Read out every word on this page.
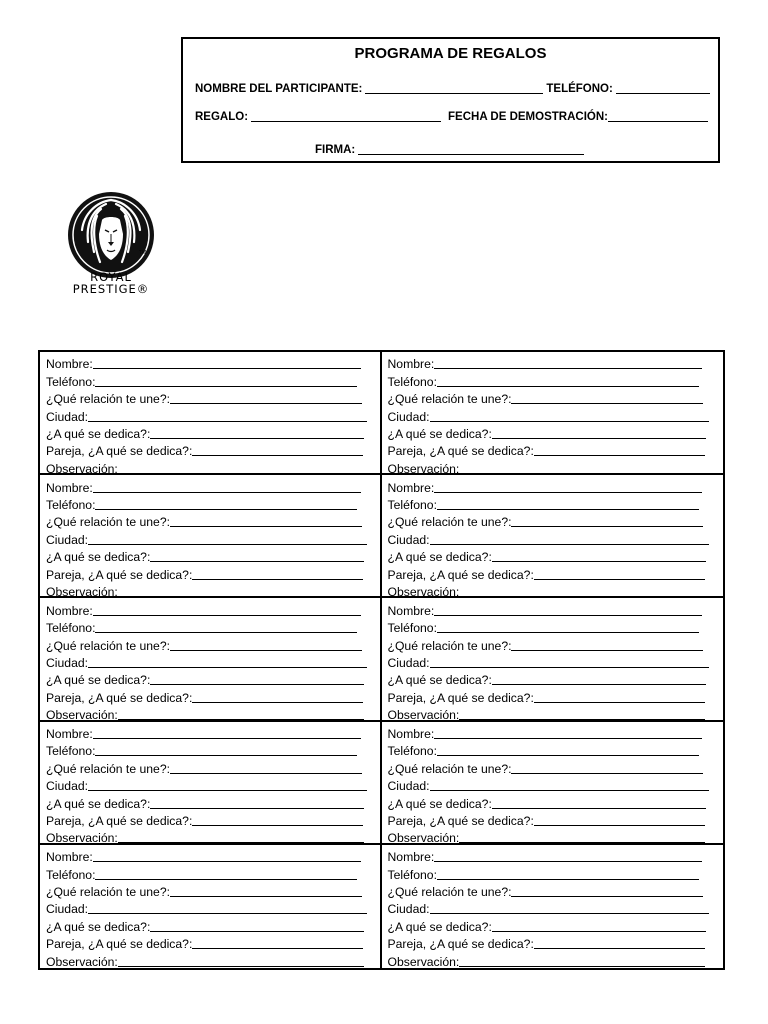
PROGRAMA DE REGALOS
NOMBRE DEL PARTICIPANTE:	TELÉFONO:
REGALO:	FECHA DE DEMOSTRACIÓN:
FIRMA:
TM
ROYAL
PRESTIGE®
Nombre:
Teléfono:
¿Qué relación te une?:
Ciudad:
¿A qué se dedica?:
Pareja, ¿A qué se dedica?:
Observación:
Nombre:
Teléfono:
¿Qué relación te une?:
Ciudad:
¿A qué se dedica?:
Pareja, ¿A qué se dedica?:
Observación:
Nombre:
Teléfono:
¿Qué relación te une?:
Ciudad:
¿A qué se dedica?:
Pareja, ¿A qué se dedica?:
Observación:
Nombre:
Teléfono:
¿Qué relación te une?:
Ciudad:
¿A qué se dedica?:
Pareja, ¿A qué se dedica?:
Observación:
Nombre:
Teléfono:
¿Qué relación te une?:
Ciudad:
¿A qué se dedica?:
Pareja, ¿A qué se dedica?:
Observación:
Nombre:
Teléfono:
¿Qué relación te une?:
Ciudad:
¿A qué se dedica?:
Pareja, ¿A qué se dedica?:
Observación:
Nombre:
Teléfono:
¿Qué relación te une?:
Ciudad:
¿A qué se dedica?:
Pareja, ¿A qué se dedica?:
Observación:
Nombre:
Teléfono:
¿Qué relación te une?:
Ciudad:
¿A qué se dedica?:
Pareja, ¿A qué se dedica?:
Observación:
Nombre:
Teléfono:
¿Qué relación te une?:
Ciudad:
¿A qué se dedica?:
Pareja, ¿A qué se dedica?:
Observación:
Nombre:
Teléfono:
¿Qué relación te une?:
Ciudad:
¿A qué se dedica?:
Pareja, ¿A qué se dedica?:
Observación:
